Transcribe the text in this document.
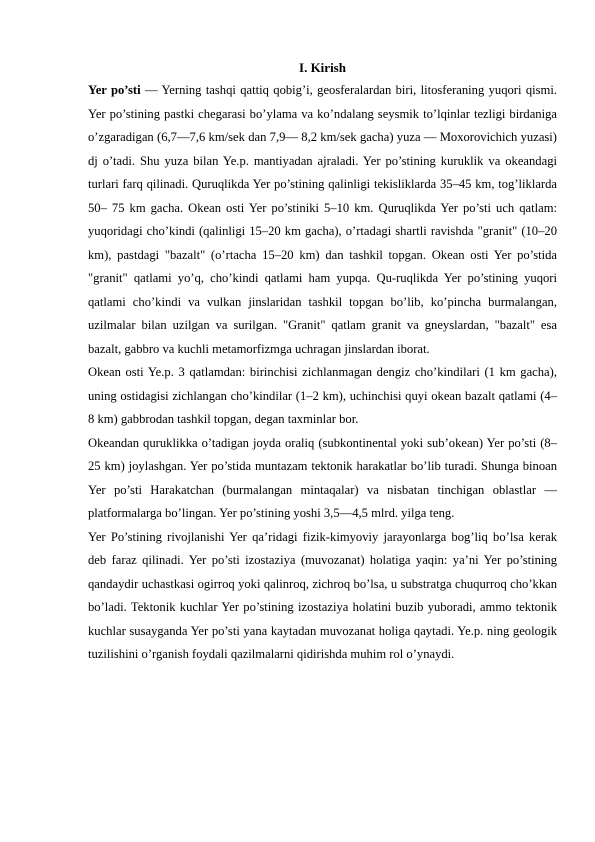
I. Kirish

Yer po’sti — Yerning tashqi qattiq qobig’i, geosferalardan biri, litosferaning yuqori qismi. Yer po’stining pastki chegarasi bo’ylama va ko’ndalang seysmik to’lqinlar tezligi birdaniga o’zgaradigan (6,7—7,6 km/sek dan 7,9— 8,2 km/sek gacha) yuza — Moxorovichich yuzasi) dj o’tadi. Shu yuza bilan Ye.p. mantiyadan ajraladi. Yer po’stining kuruklik va okeandagi turlari farq qilinadi. Quruqlikda Yer po’stining qalinligi tekisliklarda 35–45 km, tog’liklarda 50– 75 km gacha. Okean osti Yer po’stiniki 5–10 km. Quruqlikda Yer po’sti uch qatlam: yuqoridagi cho’kindi (qalinligi 15–20 km gacha), o’rtadagi shartli ravishda "granit" (10–20 km), pastdagi "bazalt" (o’rtacha 15–20 km) dan tashkil topgan. Okean osti Yer po’stida "granit" qatlami yo’q, cho’kindi qatlami ham yupqa. Qu-ruqlikda Yer po’stining yuqori qatlami cho’kindi va vulkan jinslaridan tashkil topgan bo’lib, ko’pincha burmalangan, uzilmalar bilan uzilgan va surilgan. "Granit" qatlam granit va gneyslardan, "bazalt" esa bazalt, gabbro va kuchli metamorfizmga uchragan jinslardan iborat.

Okean osti Ye.p. 3 qatlamdan: birinchisi zichlanmagan dengiz cho’kindilari (1 km gacha), uning ostidagisi zichlangan cho’kindilar (1–2 km), uchinchisi quyi okean bazalt qatlami (4–8 km) gabbrodan tashkil topgan, degan taxminlar bor.

Okeandan quruklikka o’tadigan joyda oraliq (subkontinental yoki sub’okean) Yer po’sti (8–25 km) joylashgan. Yer po’stida muntazam tektonik harakatlar bo’lib turadi. Shunga binoan Yer po’sti Harakatchan (burmalangan mintaqalar) va nisbatan tinchigan oblastlar — platformalarga bo’lingan. Yer po’stining yoshi 3,5—4,5 mlrd. yilga teng.

Yer Po’stining rivojlanishi Yer qa’ridagi fizik-kimyoviy jarayonlarga bog’liq bo’lsa kerak deb faraz qilinadi. Yer po’sti izostaziya (muvozanat) holatiga yaqin: ya’ni Yer po’stining qandaydir uchastkasi ogirroq yoki qalinroq, zichroq bo’lsa, u substratga chuqurroq cho’kkan bo’ladi. Tektonik kuchlar Yer po’stining izostaziya holatini buzib yuboradi, ammo tektonik kuchlar susayganda Yer po’sti yana kaytadan muvozanat holiga qaytadi. Ye.p. ning geologik tuzilishini o’rganish foydali qazilmalarni qidirishda muhim rol o’ynaydi.
